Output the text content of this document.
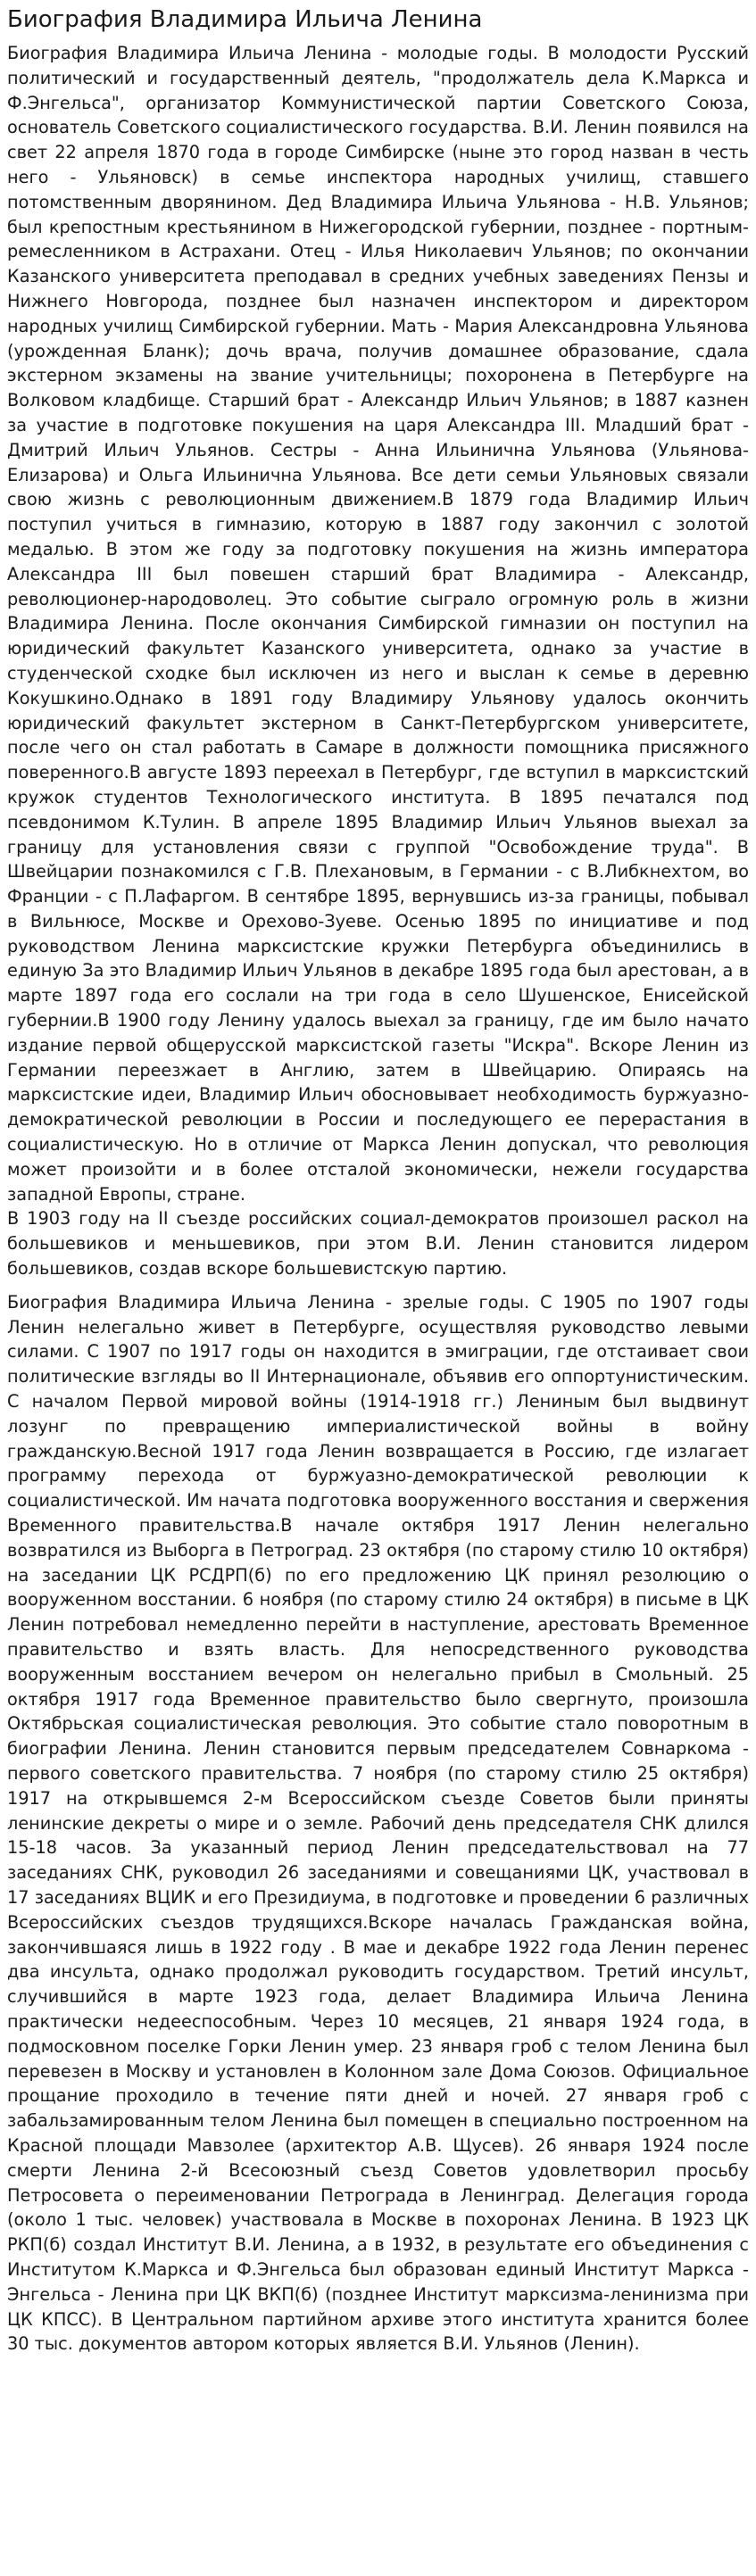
Биография Владимира Ильича Ленина

Биография Владимира Ильича Ленина - молодые годы. В молодости Русский политический и государственный деятель, "продолжатель дела К.Маркса и Ф.Энгельса", организатор Коммунистической партии Советского Союза, основатель Советского социалистического государства. В.И. Ленин появился на свет 22 апреля 1870 года в городе Симбирске (ныне это город назван в честь него - Ульяновск) в семье инспектора народных училищ, ставшего потомственным дворянином. Дед Владимира Ильича Ульянова - Н.В. Ульянов; был крепостным крестьянином в Нижегородской губернии, позднее - портным-ремесленником в Астрахани. Отец - Илья Николаевич Ульянов; по окончании Казанского университета преподавал в средних учебных заведениях Пензы и Нижнего Новгорода, позднее был назначен инспектором и директором народных училищ Симбирской губернии. Мать - Мария Александровна Ульянова (урожденная Бланк); дочь врача, получив домашнее образование, сдала экстерном экзамены на звание учительницы; похоронена в Петербурге на Волковом кладбище. Старший брат - Александр Ильич Ульянов; в 1887 казнен за участие в подготовке покушения на царя Александра III. Младший брат - Дмитрий Ильич Ульянов. Сестры - Анна Ильинична Ульянова (Ульянова-Елизарова) и Ольга Ильинична Ульянова. Все дети семьи Ульяновых связали свою жизнь с революционным движением.В 1879 года Владимир Ильич поступил учиться в гимназию, которую в 1887 году закончил с золотой медалью. В этом же году за подготовку покушения на жизнь императора Александра III был повешен старший брат Владимира - Александр, революционер-народоволец. Это событие сыграло огромную роль в жизни Владимира Ленина. После окончания Симбирской гимназии он поступил на юридический факультет Казанского университета, однако за участие в студенческой сходке был исключен из него и выслан к семье в деревню Кокушкино.Однако в 1891 году Владимиру Ульянову удалось окончить юридический факультет экстерном в Санкт-Петербургском университете, после чего он стал работать в Самаре в должности помощника присяжного поверенного.В августе 1893 переехал в Петербург, где вступил в марксистский кружок студентов Технологического института. В 1895 печатался под псевдонимом К.Тулин. В апреле 1895 Владимир Ильич Ульянов выехал за границу для установления связи с группой "Освобождение труда". В Швейцарии познакомился с Г.В. Плехановым, в Германии - с В.Либкнехтом, во Франции - с П.Лафаргом. В сентябре 1895, вернувшись из-за границы, побывал в Вильнюсе, Москве и Орехово-Зуеве. Осенью 1895 по инициативе и под руководством Ленина марксистские кружки Петербурга объединились в единую За это Владимир Ильич Ульянов в декабре 1895 года был арестован, а в марте 1897 года его сослали на три года в село Шушенское, Енисейской губернии.В 1900 году Ленину удалось выехал за границу, где им было начато издание первой общерусской марксистской газеты "Искра". Вскоре Ленин из Германии переезжает в Англию, затем в Швейцарию. Опираясь на марксистские идеи, Владимир Ильич обосновывает необходимость буржуазно-демократической революции в России и последующего ее перерастания в социалистическую. Но в отличие от Маркса Ленин допускал, что революция может произойти и в более отсталой экономически, нежели государства западной Европы, стране.

В 1903 году на II съезде российских социал-демократов произошел раскол на большевиков и меньшевиков, при этом В.И. Ленин становится лидером большевиков, создав вскоре большевистскую партию.

Биография Владимира Ильича Ленина - зрелые годы. С 1905 по 1907 годы Ленин нелегально живет в Петербурге, осуществляя руководство левыми силами. С 1907 по 1917 годы он находится в эмиграции, где отстаивает свои политические взгляды во II Интернационале, объявив его оппортунистическим. С началом Первой мировой войны (1914-1918 гг.) Лениным был выдвинут лозунг по превращению империалистической войны в войну гражданскую.Весной 1917 года Ленин возвращается в Россию, где излагает программу перехода от буржуазно-демократической революции к социалистической. Им начата подготовка вооруженного восстания и свержения Временного правительства.В начале октября 1917 Ленин нелегально возвратился из Выборга в Петроград. 23 октября (по старому стилю 10 октября) на заседании ЦК РСДРП(б) по его предложению ЦК принял резолюцию о вооруженном восстании. 6 ноября (по старому стилю 24 октября) в письме в ЦК Ленин потребовал немедленно перейти в наступление, арестовать Временное правительство и взять власть. Для непосредственного руководства вооруженным восстанием вечером он нелегально прибыл в Смольный. 25 октября 1917 года Временное правительство было свергнуто, произошла Октябрьская социалистическая революция. Это событие стало поворотным в биографии Ленина. Ленин становится первым председателем Совнаркома - первого советского правительства. 7 ноября (по старому стилю 25 октября) 1917 на открывшемся 2-м Всероссийском съезде Советов были приняты ленинские декреты о мире и о земле. Рабочий день председателя СНК длился 15-18 часов. За указанный период Ленин председательствовал на 77 заседаниях СНК, руководил 26 заседаниями и совещаниями ЦК, участвовал в 17 заседаниях ВЦИК и его Президиума, в подготовке и проведении 6 различных Всероссийских съездов трудящихся.Вскоре началась Гражданская война, закончившаяся лишь в 1922 году . В мае и декабре 1922 года Ленин перенес два инсульта, однако продолжал руководить государством. Третий инсульт, случившийся в марте 1923 года, делает Владимира Ильича Ленина практически недееспособным. Через 10 месяцев, 21 января 1924 года, в подмосковном поселке Горки Ленин умер. 23 января гроб с телом Ленина был перевезен в Москву и установлен в Колонном зале Дома Союзов. Официальное прощание проходило в течение пяти дней и ночей. 27 января гроб с забальзамированным телом Ленина был помещен в специально построенном на Красной площади Мавзолее (архитектор А.В. Щусев). 26 января 1924 после смерти Ленина 2-й Всесоюзный съезд Советов удовлетворил просьбу Петросовета о переименовании Петрограда в Ленинград. Делегация города (около 1 тыс. человек) участвовала в Москве в похоронах Ленина. В 1923 ЦК РКП(б) создал Институт В.И. Ленина, а в 1932, в результате его объединения с Институтом К.Маркса и Ф.Энгельса был образован единый Институт Маркса - Энгельса - Ленина при ЦК ВКП(б) (позднее Институт марксизма-ленинизма при ЦК КПСС). В Центральном партийном архиве этого института хранится более 30 тыс. документов автором которых является В.И. Ульянов (Ленин).
